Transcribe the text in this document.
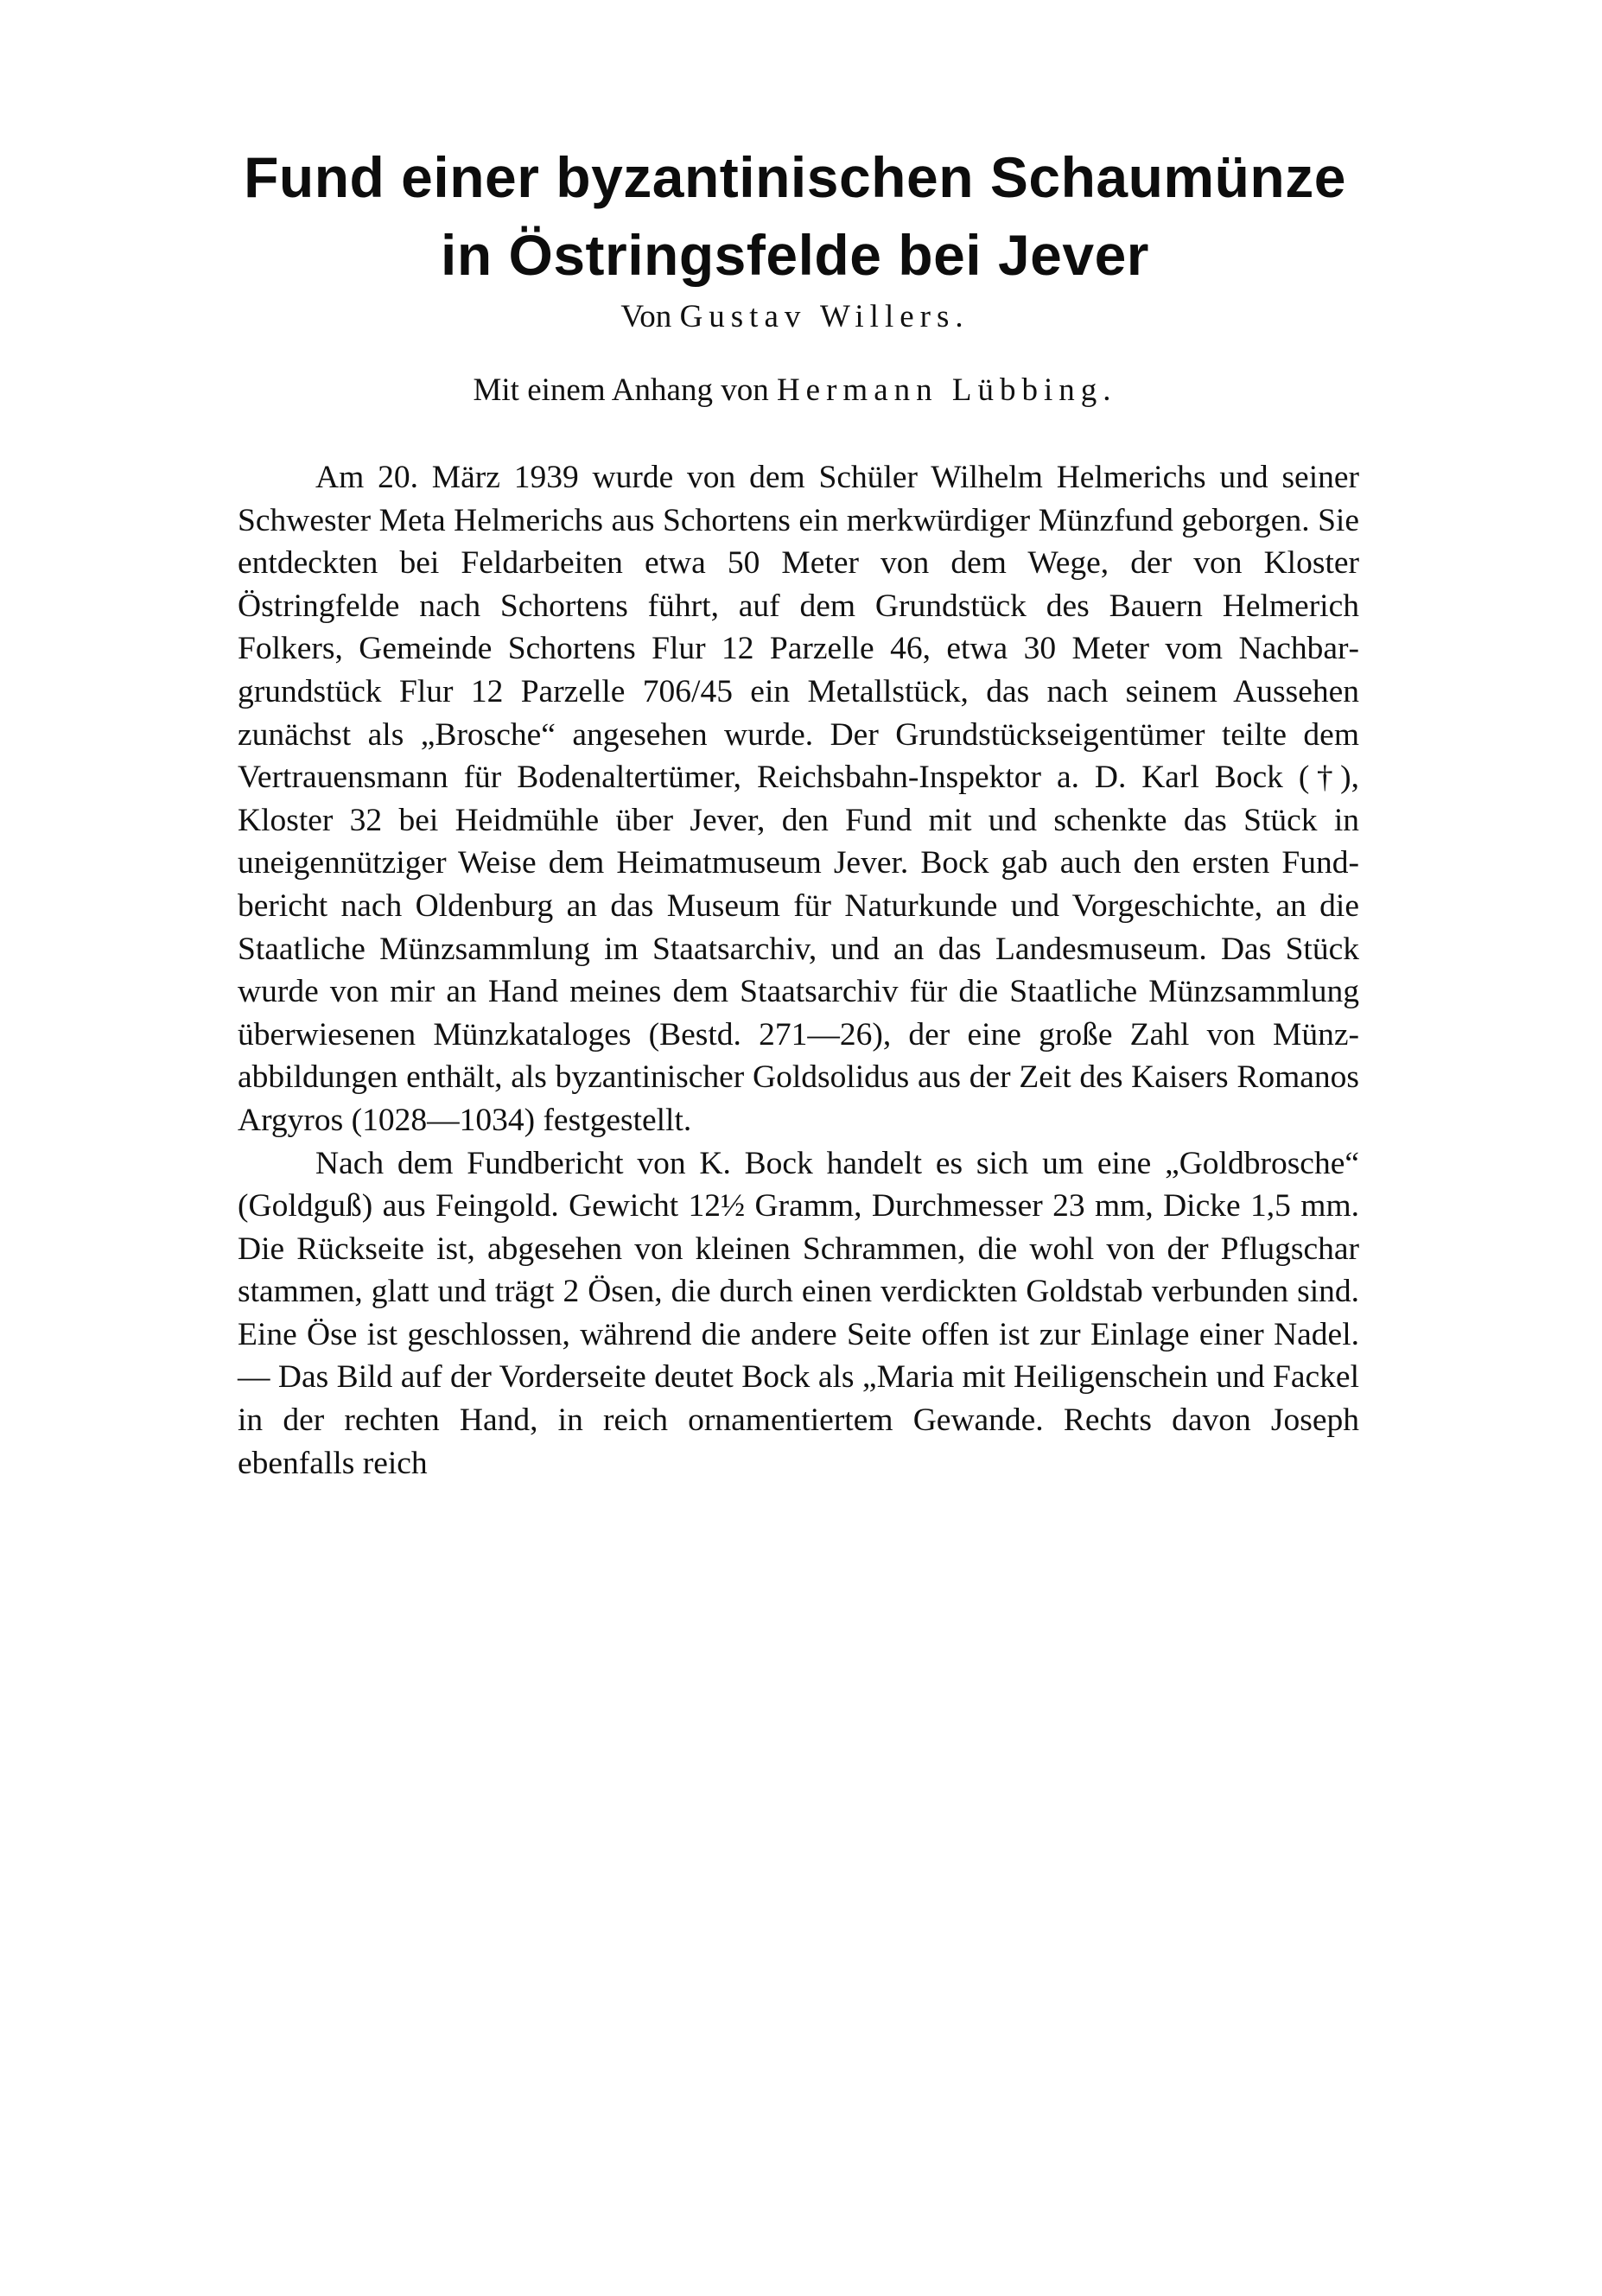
Fund einer byzantinischen Schaumünze
in Östringsfelde bei Jever
Von Gustav Willers.
Mit einem Anhang von Hermann Lübbing.

Am 20. März 1939 wurde von dem Schüler Wilhelm Helmerichs und seiner Schwester Meta Helmerichs aus Schortens ein merkwürdiger Münzfund geborgen. Sie entdeckten bei Feldarbeiten etwa 50 Meter von dem Wege, der von Kloster Östringfelde nach Schortens führt, auf dem Grundstück des Bauern Helmerich Folkers, Gemeinde Schortens Flur 12 Parzelle 46, etwa 30 Meter vom Nachbargrundstück Flur 12 Parzelle 706/45 ein Metallstück, das nach seinem Aussehen zunächst als „Brosche“ angesehen wurde. Der Grundstückseigentümer teilte dem Vertrauensmann für Bodenaltertümer, Reichsbahn-Inspektor a. D. Karl Bock (†), Kloster 32 bei Heidmühle über Jever, den Fund mit und schenkte das Stück in uneigennütziger Weise dem Heimatmuseum Jever. Bock gab auch den ersten Fundbericht nach Oldenburg an das Museum für Naturkunde und Vorgeschichte, an die Staatliche Münzsammlung im Staatsarchiv, und an das Landesmuseum. Das Stück wurde von mir an Hand meines dem Staatsarchiv für die Staatliche Münzsammlung überwiesenen Münzkataloges (Bestd. 271—26), der eine große Zahl von Münzabbildungen enthält, als byzantinischer Goldsolidus aus der Zeit des Kaisers Romanos Argyros (1028—1034) festgestellt.

Nach dem Fundbericht von K. Bock handelt es sich um eine „Goldbrosche“ (Goldguß) aus Feingold. Gewicht 12½ Gramm, Durchmesser 23 mm, Dicke 1,5 mm. Die Rückseite ist, abgesehen von kleinen Schrammen, die wohl von der Pflugschar stammen, glatt und trägt 2 Ösen, die durch einen verdickten Goldstab verbunden sind. Eine Öse ist geschlossen, während die andere Seite offen ist zur Einlage einer Nadel. — Das Bild auf der Vorderseite deutet Bock als „Maria mit Heiligenschein und Fackel in der rechten Hand, in reich ornamentiertem Gewande. Rechts davon Joseph ebenfalls reich
